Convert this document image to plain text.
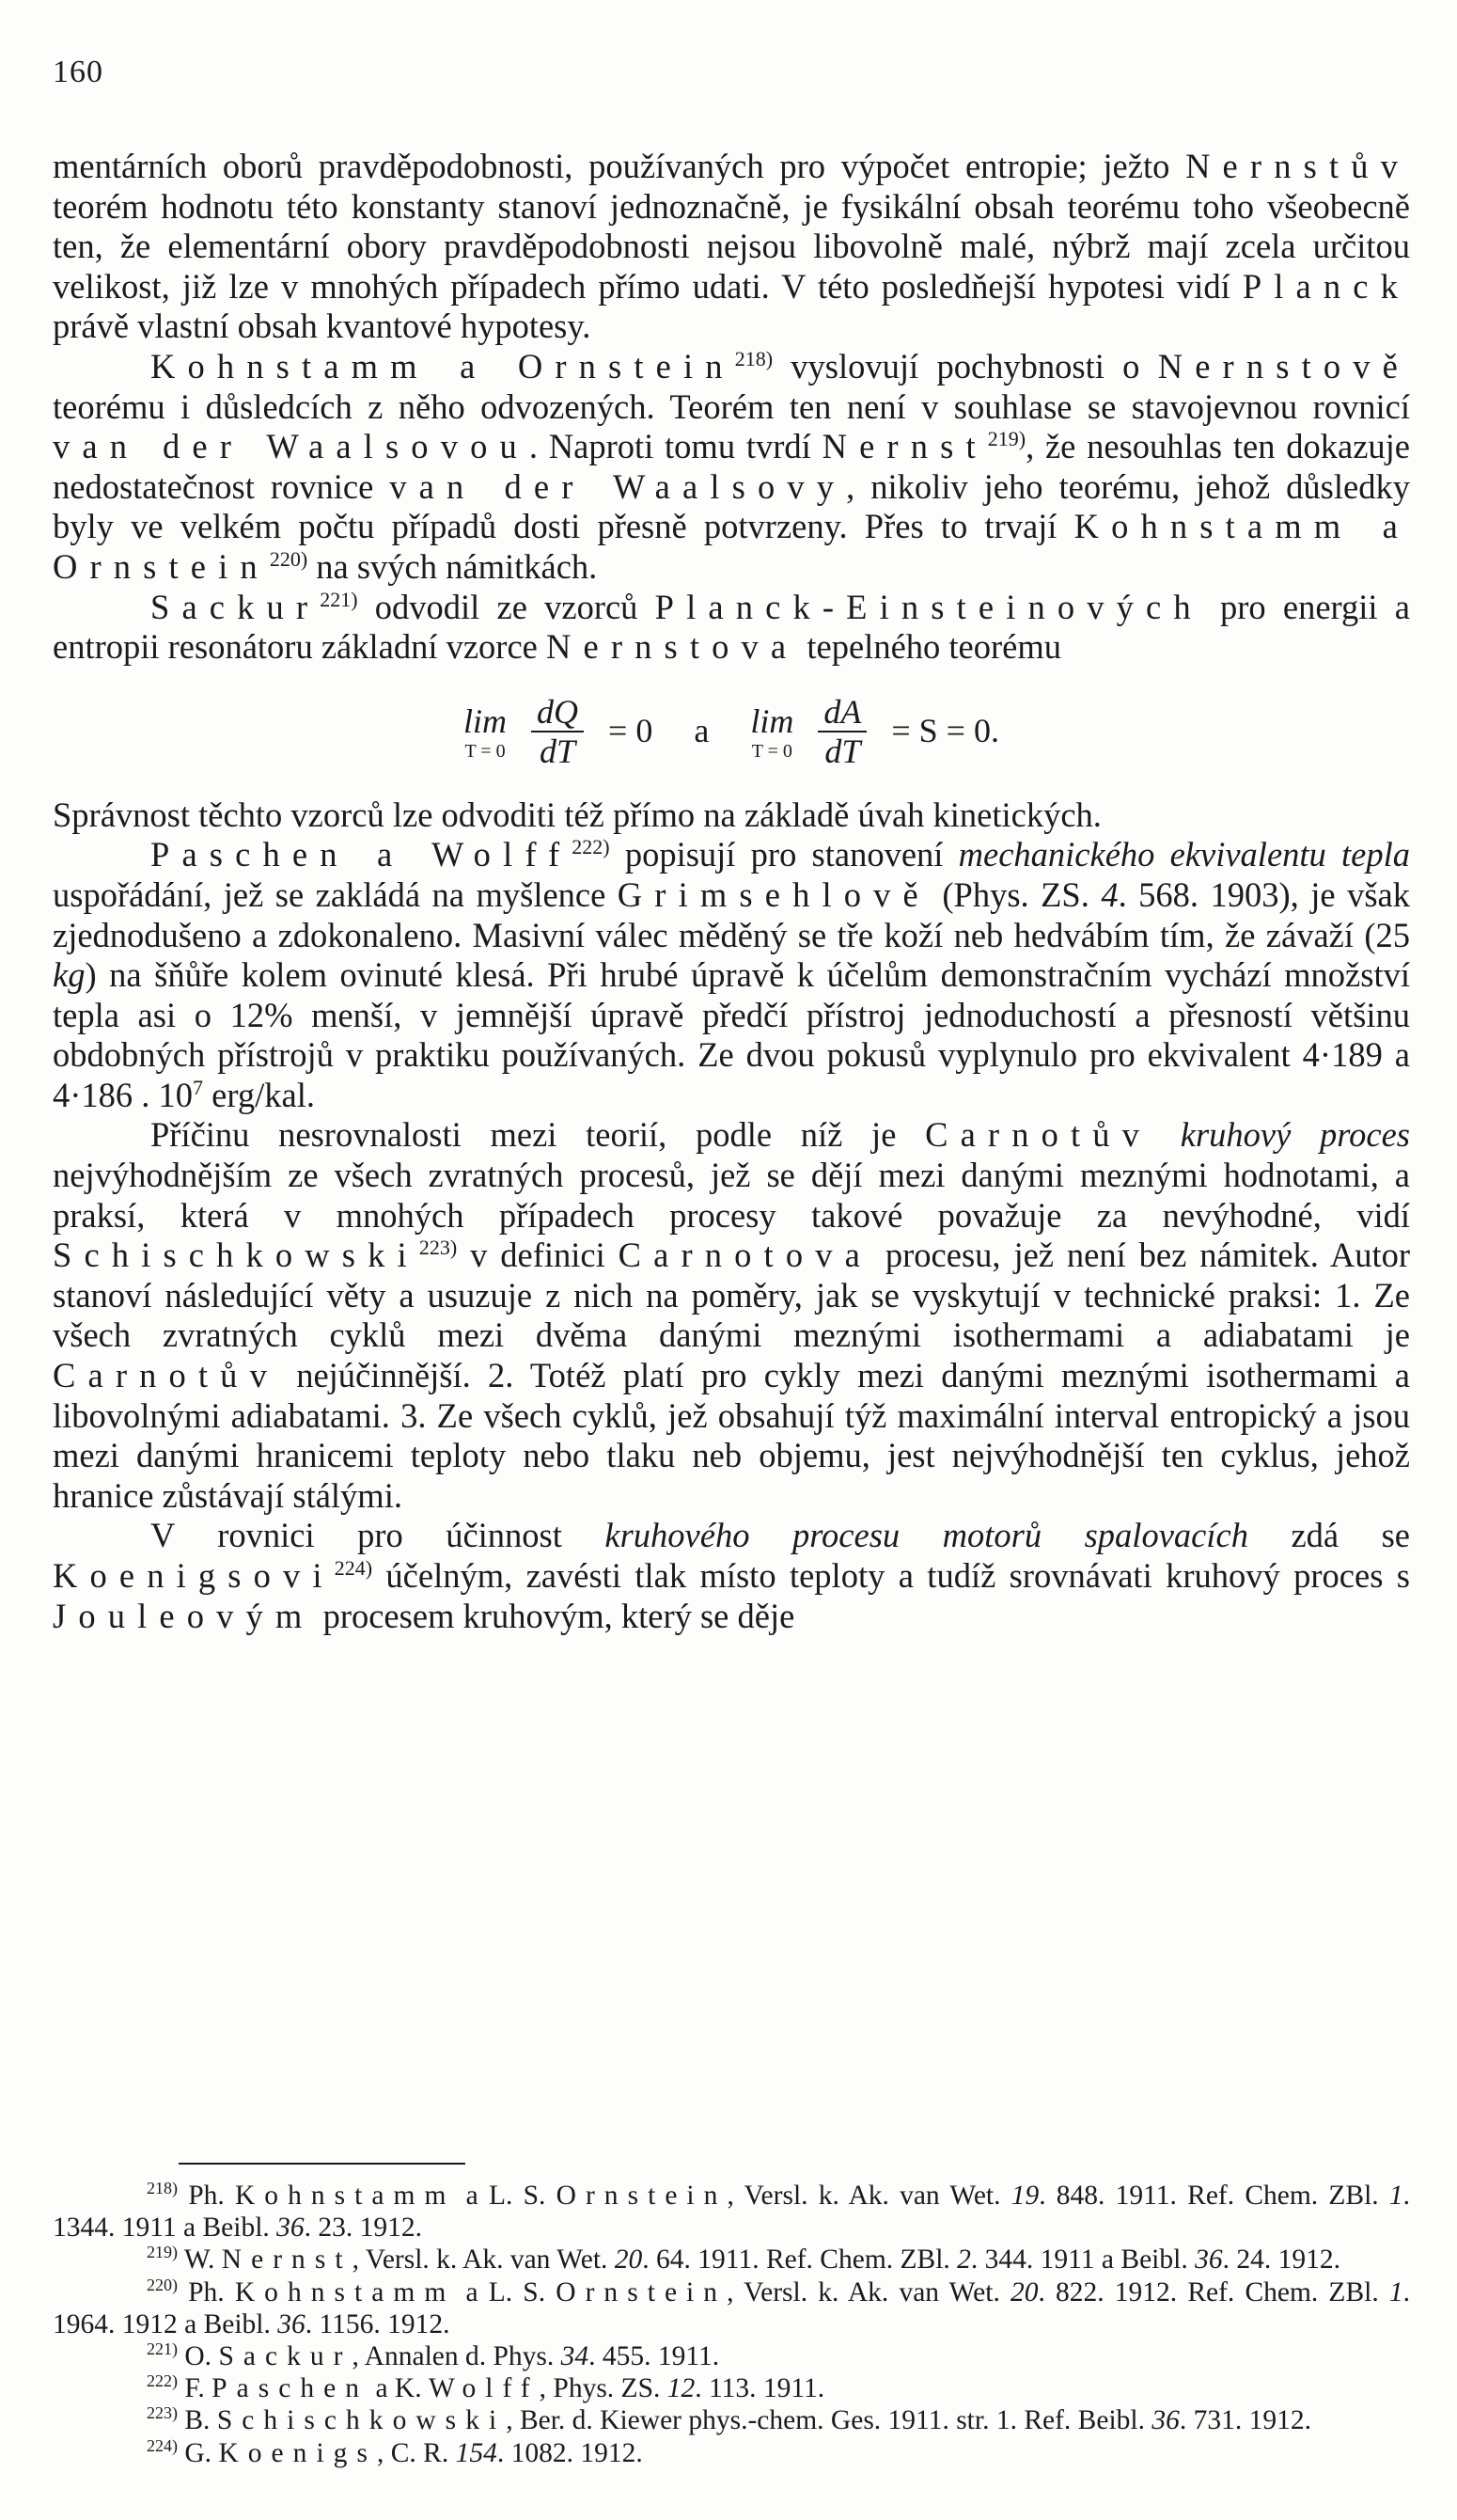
160

mentárních oborů pravděpodobnosti, používaných pro výpočet entropie; ježto Nernstův teorém hodnotu této konstanty stanoví jednoznačně, je fysikální obsah teorému toho všeobecně ten, že elementární obory pravděpodobnosti nejsou libovolně malé, nýbrž mají zcela určitou velikost, již lze v mnohých případech přímo udati. V této posledňejší hypotesi vidí Planck právě vlastní obsah kvantové hypotesy.

Kohnstamm a Ornstein$^{218)}$ vyslovují pochybnosti o Nernstově teorému i důsledcích z něho odvozených. Teorém ten není v souhlase se stavojevnou rovnicí van der Waalsovou. Naproti tomu tvrdí Nernst$^{219)}$, že nesouhlas ten dokazuje nedostatečnost rovnice van der Waalsovy, nikoliv jeho teorému, jehož důsledky byly ve velkém počtu případů dosti přesně potvrzeny. Přes to trvají Kohnstamm a Ornstein$^{220)}$ na svých námitkách.

Sackur$^{221)}$ odvodil ze vzorců Planck-Einsteinových pro energii a entropii resonátoru základní vzorce Nernstova tepelného teorému

lim
$T = 0 \frac{dQ}{dT} = 0$ a lim
$T = 0 \frac{dA}{dT} = S = 0$.

Správnost těchto vzorců lze odvoditi též přímo na základě úvah kinetických.

Paschen a Wolff$^{222)}$ popisují pro stanovení mechanického ekvivalentu tepla uspořádání, jež se zakládá na myšlence Grimsehlově (Phys. ZS. 4. 568. 1903), je však zjednodušeno a zdokonaleno. Masivní válec měděný se tře koží neb hedvábím tím, že závaží (25 kg) na šňůře kolem ovinuté klesá. Při hrubé úpravě k účelům demonstračním vychází množství tepla asi o 12% menší, v jemnější úpravě předčí přístroj jednoduchostí a přesností většinu obdobných přístrojů v praktiku používaných. Ze dvou pokusů vyplynulo pro ekvivalent 4·189 a 4·186 . $10^7$ erg/kal.

Příčinu nesrovnalosti mezi teorií, podle níž je Carnotův kruhový proces nejvýhodnějším ze všech zvratných procesů, jež se dějí mezi danými meznými hodnotami, a praksí, která v mnohých případech procesy takové považuje za nevýhodné, vidí Schischkowski$^{223)}$ v definici Carnotova procesu, jež není bez námitek. Autor stanoví následující věty a usuzuje z nich na poměry, jak se vyskytují v technické praksi: 1. Ze všech zvratných cyklů mezi dvěma danými meznými isothermami a adiabatami je Carnotův nejúčinnější. 2. Totéž platí pro cykly mezi danými meznými isothermami a libovolnými adiabatami. 3. Ze všech cyklů, jež obsahují týž maximální interval entropický a jsou mezi danými hranicemi teploty nebo tlaku neb objemu, jest nejvýhodnější ten cyklus, jehož hranice zůstávají stálými.

V rovnici pro účinnost kruhového procesu motorů spalovacích zdá se Koenigsovi$^{224)}$ účelným, zavésti tlak místo teploty a tudíž srovnávati kruhový proces s Jouleovým procesem kruhovým, který se děje

$^{218)}$ Ph. Kohnstamm a L. S. Ornstein, Versl. k. Ak. van Wet. 19. 848. 1911. Ref. Chem. ZBl. 1. 1344. 1911 a Beibl. 36. 23. 1912.

$^{219)}$ W. Nernst, Versl. k. Ak. van Wet. 20. 64. 1911. Ref. Chem. ZBl. 2. 344. 1911 a Beibl. 36. 24. 1912.

$^{220)}$ Ph. Kohnstamm a L. S. Ornstein, Versl. k. Ak. van Wet. 20. 822. 1912. Ref. Chem. ZBl. 1. 1964. 1912 a Beibl. 36. 1156. 1912.

$^{221)}$ O. Sackur, Annalen d. Phys. 34. 455. 1911.

$^{222)}$ F. Paschen a K. Wolff, Phys. ZS. 12. 113. 1911.

$^{223)}$ B. Schischkowski, Ber. d. Kiewer phys.-chem. Ges. 1911. str. 1. Ref. Beibl. 36. 731. 1912.

$^{224)}$ G. Koenigs, C. R. 154. 1082. 1912.
